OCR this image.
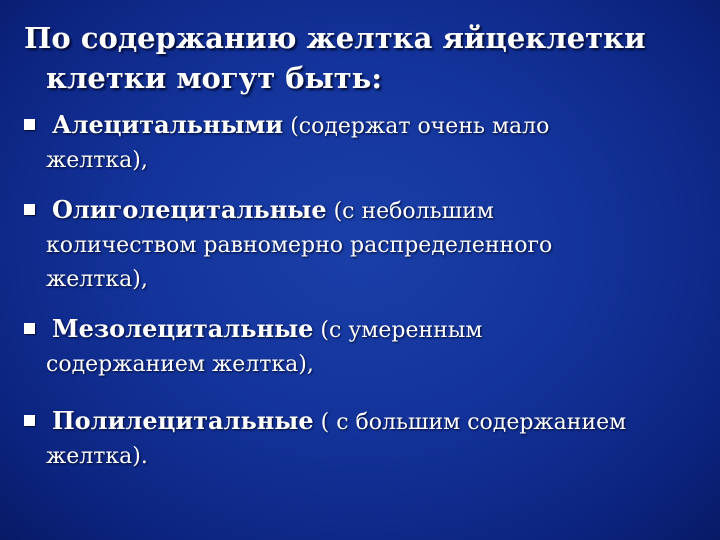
По содержанию желтка яйцеклетки
клетки могут быть:
Алецитальными (содержат очень мало
желтка),
Олиголецитальные (с небольшим
количеством равномерно распределенного
желтка),
Мезолецитальные (с умеренным
содержанием желтка),
Полилецитальные ( с большим содержанием
желтка).
